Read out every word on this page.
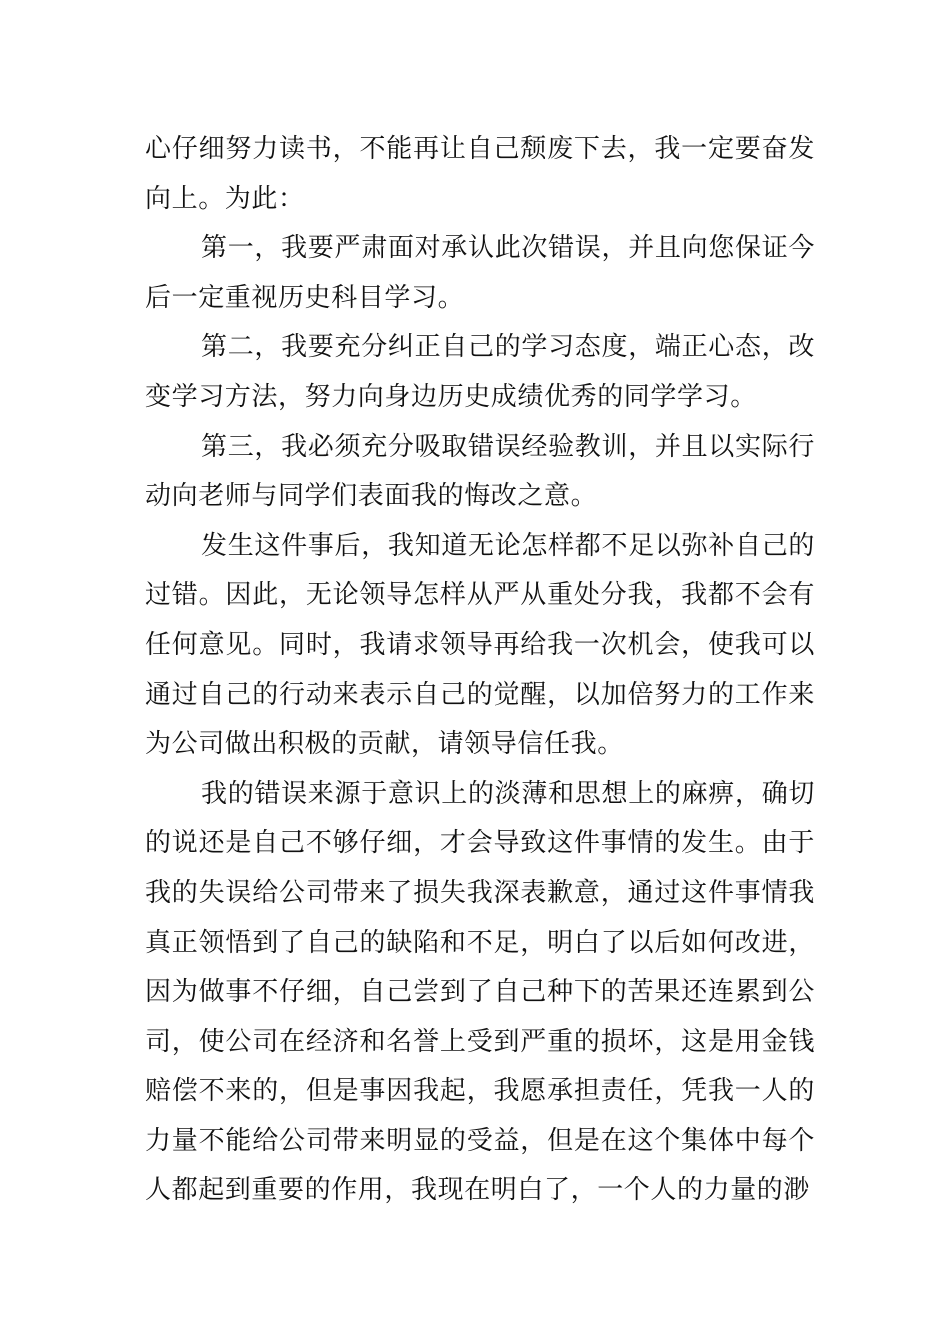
心仔细努力读书，不能再让自己颓废下去，我一定要奋发向上。为此：

第一，我要严肃面对承认此次错误，并且向您保证今后一定重视历史科目学习。

第二，我要充分纠正自己的学习态度，端正心态，改变学习方法，努力向身边历史成绩优秀的同学学习。

第三，我必须充分吸取错误经验教训，并且以实际行动向老师与同学们表面我的悔改之意。

发生这件事后，我知道无论怎样都不足以弥补自己的过错。因此，无论领导怎样从严从重处分我，我都不会有任何意见。同时，我请求领导再给我一次机会，使我可以通过自己的行动来表示自己的觉醒，以加倍努力的工作来为公司做出积极的贡献，请领导信任我。

我的错误来源于意识上的淡薄和思想上的麻痹，确切的说还是自己不够仔细，才会导致这件事情的发生。由于我的失误给公司带来了损失我深表歉意，通过这件事情我真正领悟到了自己的缺陷和不足，明白了以后如何改进，因为做事不仔细，自己尝到了自己种下的苦果还连累到公司，使公司在经济和名誉上受到严重的损坏，这是用金钱赔偿不来的，但是事因我起，我愿承担责任，凭我一人的力量不能给公司带来明显的受益，但是在这个集体中每个人都起到重要的作用，我现在明白了，一个人的力量的渺
